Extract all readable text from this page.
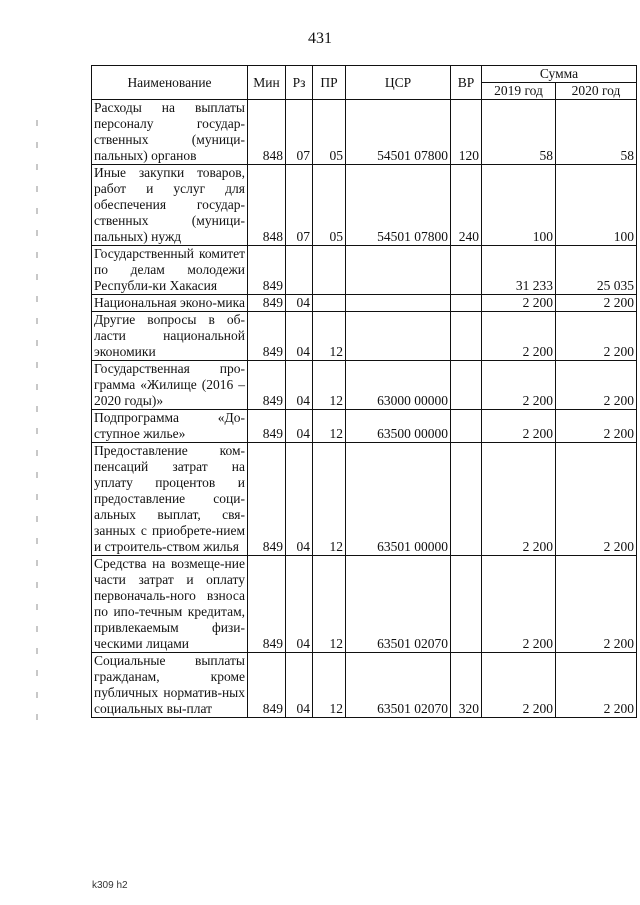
431
Наименование	Мин	Рз	ПР	ЦСР	ВР	Сумма	
						2019 год	2020 год
Расходы на выплаты персоналу государ-ственных (муници-пальных) органов	848	07	05	54501 07800	120	58	58
Иные закупки товаров, работ и услуг для обеспечения государ-ственных (муници-пальных) нужд	848	07	05	54501 07800	240	100	100
Государственный комитет по делам молодежи Республи-ки Хакасия	849					31 233	25 035
Национальная эконо-мика	849	04				2 200	2 200
Другие вопросы в об-ласти национальной экономики	849	04	12			2 200	2 200
Государственная про-грамма «Жилище (2016 – 2020 годы)»	849	04	12	63000 00000		2 200	2 200
Подпрограмма «До-ступное жилье»	849	04	12	63500 00000		2 200	2 200
Предоставление ком-пенсаций затрат на уплату процентов и предоставление соци-альных выплат, свя-занных с приобрете-нием и строитель-ством жилья	849	04	12	63501 00000		2 200	2 200
Средства на возмеще-ние части затрат и оплату первоначаль-ного взноса по ипо-течным кредитам, привлекаемым физи-ческими лицами	849	04	12	63501 02070		2 200	2 200
Социальные выплаты гражданам, кроме публичных норматив-ных социальных вы-плат	849	04	12	63501 02070	320	2 200	2 200
k309 h2
